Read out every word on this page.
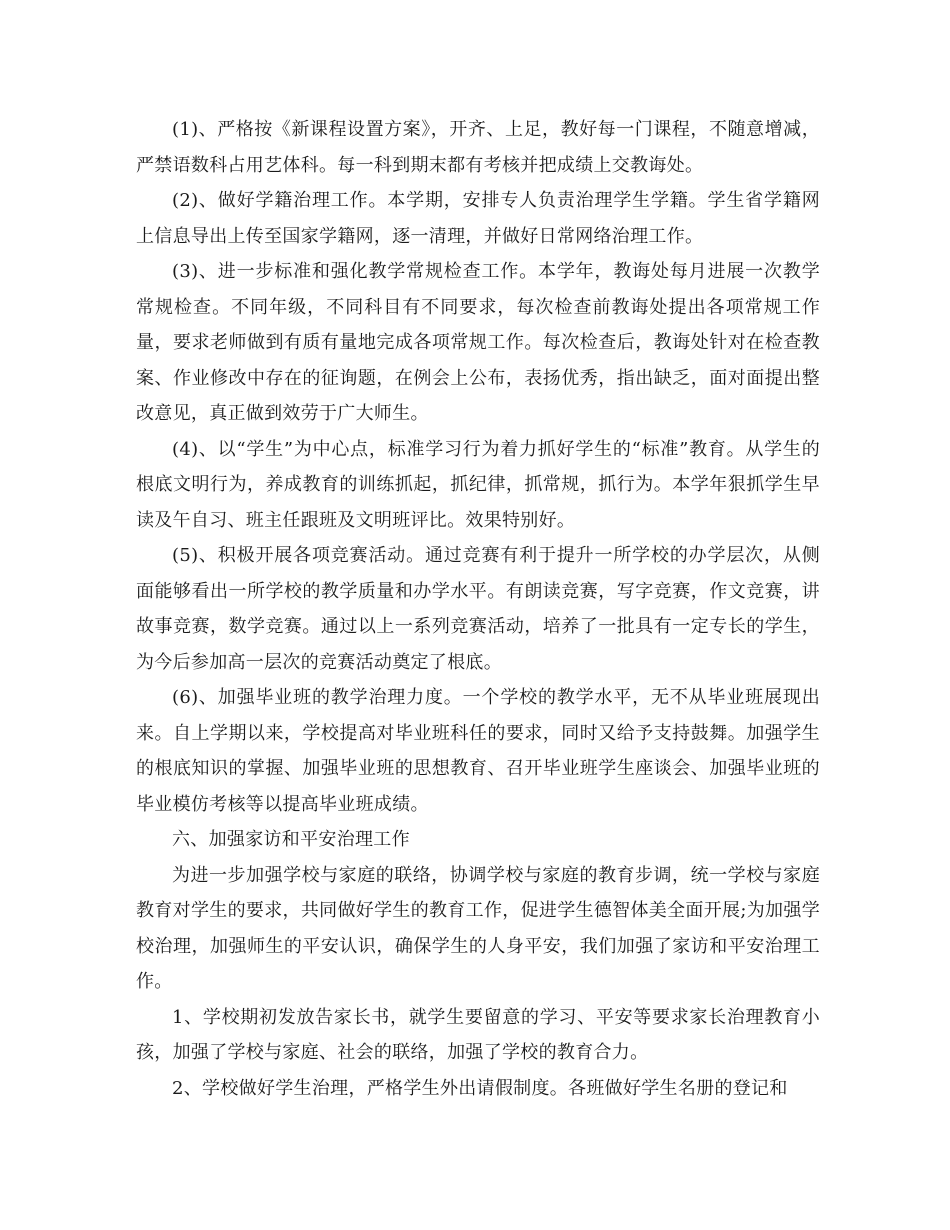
(1)、严格按《新课程设置方案》，开齐、上足，教好每一门课程，不随意增减，严禁语数科占用艺体科。每一科到期末都有考核并把成绩上交教诲处。

(2)、做好学籍治理工作。本学期，安排专人负责治理学生学籍。学生省学籍网上信息导出上传至国家学籍网，逐一清理，并做好日常网络治理工作。

(3)、进一步标准和强化教学常规检查工作。本学年，教诲处每月进展一次教学常规检查。不同年级，不同科目有不同要求，每次检查前教诲处提出各项常规工作量，要求老师做到有质有量地完成各项常规工作。每次检查后，教诲处针对在检查教案、作业修改中存在的征询题，在例会上公布，表扬优秀，指出缺乏，面对面提出整改意见，真正做到效劳于广大师生。

(4)、以“学生”为中心点，标准学习行为着力抓好学生的“标准”教育。从学生的根底文明行为，养成教育的训练抓起，抓纪律，抓常规，抓行为。本学年狠抓学生早读及午自习、班主任跟班及文明班评比。效果特别好。

(5)、积极开展各项竞赛活动。通过竞赛有利于提升一所学校的办学层次，从侧面能够看出一所学校的教学质量和办学水平。有朗读竞赛，写字竞赛，作文竞赛，讲故事竞赛，数学竞赛。通过以上一系列竞赛活动，培养了一批具有一定专长的学生，为今后参加高一层次的竞赛活动奠定了根底。

(6)、加强毕业班的教学治理力度。一个学校的教学水平，无不从毕业班展现出来。自上学期以来，学校提高对毕业班科任的要求，同时又给予支持鼓舞。加强学生的根底知识的掌握、加强毕业班的思想教育、召开毕业班学生座谈会、加强毕业班的毕业模仿考核等以提高毕业班成绩。

六、加强家访和平安治理工作

为进一步加强学校与家庭的联络，协调学校与家庭的教育步调，统一学校与家庭教育对学生的要求，共同做好学生的教育工作，促进学生德智体美全面开展;为加强学校治理，加强师生的平安认识，确保学生的人身平安，我们加强了家访和平安治理工作。

1、学校期初发放告家长书，就学生要留意的学习、平安等要求家长治理教育小孩，加强了学校与家庭、社会的联络，加强了学校的教育合力。

2、学校做好学生治理，严格学生外出请假制度。各班做好学生名册的登记和
